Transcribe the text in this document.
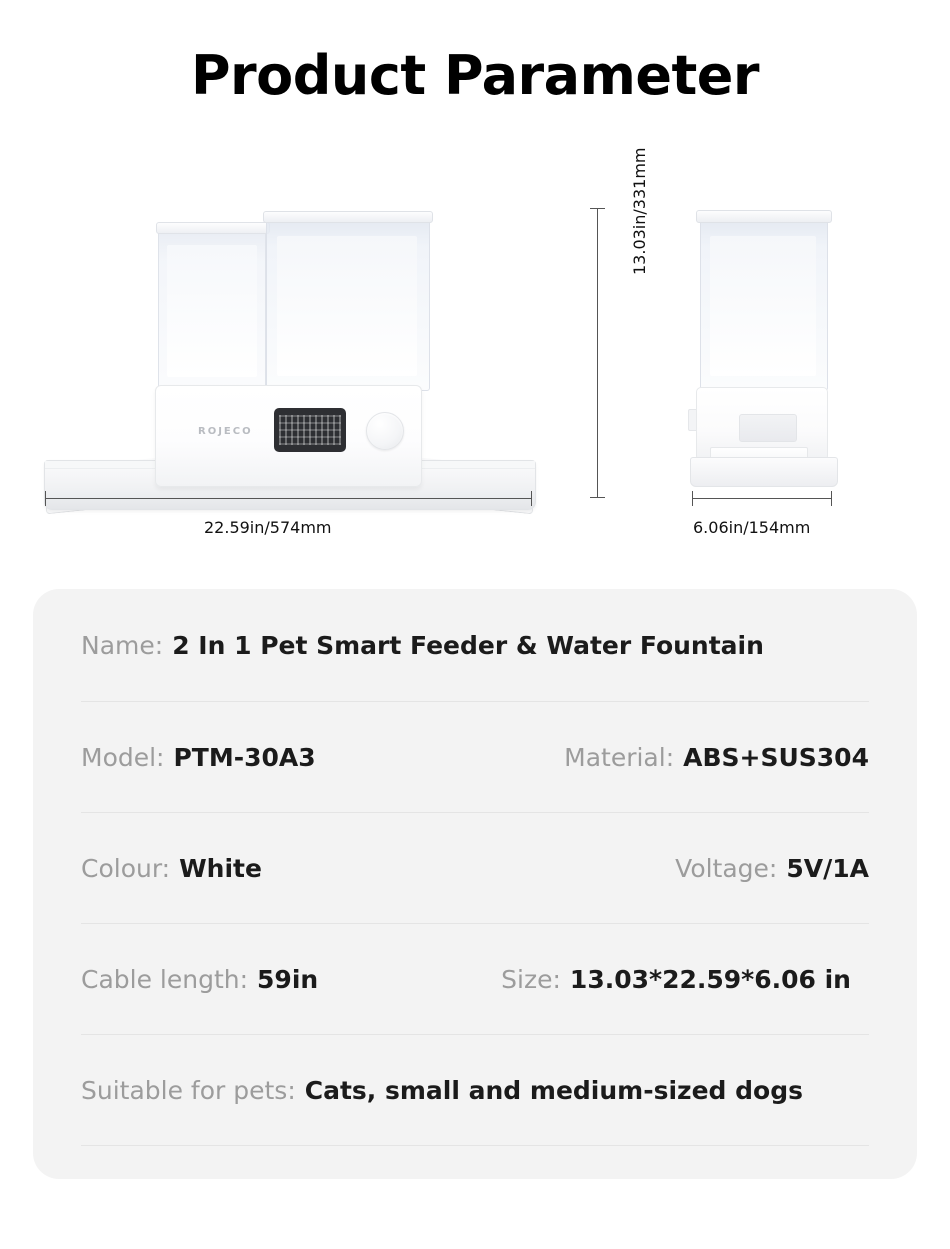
Product Parameter
ROJECO
22.59in/574mm
13.03in/331mm
6.06in/154mm
Name: 2 In 1 Pet Smart Feeder & Water Fountain
Model: PTM-30A3	Material: ABS+SUS304
Colour: White	Voltage: 5V/1A
Cable length: 59in	Size: 13.03*22.59*6.06 in
Suitable for pets: Cats, small and medium-sized dogs
